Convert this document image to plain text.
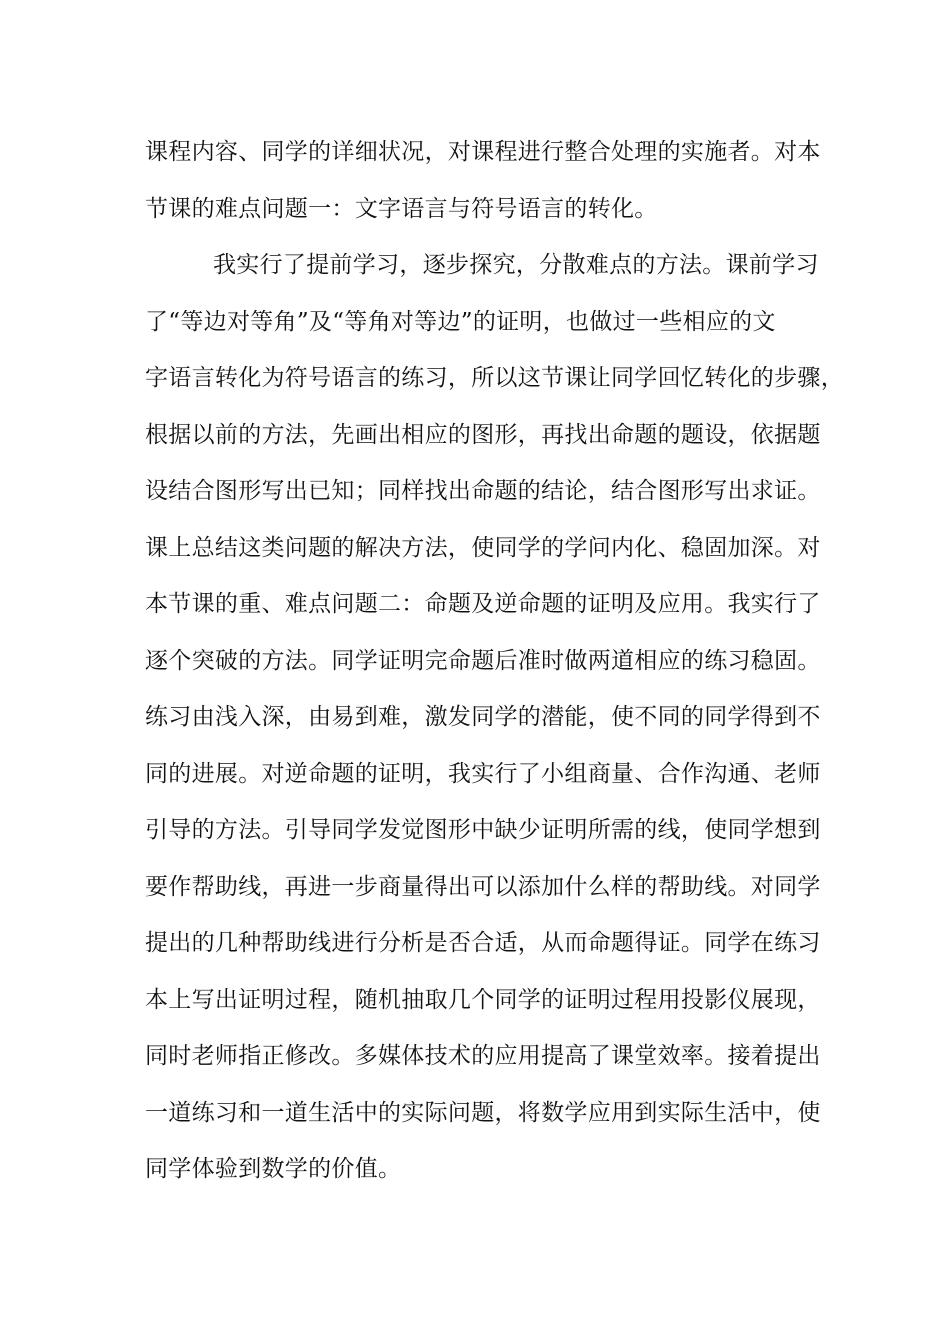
课程内容、同学的详细状况，对课程进行整合处理的实施者。对本
节课的难点问题一：文字语言与符号语言的转化。
我实行了提前学习，逐步探究，分散难点的方法。课前学习
了“等边对等角”及“等角对等边”的证明，也做过一些相应的文
字语言转化为符号语言的练习，所以这节课让同学回忆转化的步骤，
根据以前的方法，先画出相应的图形，再找出命题的题设，依据题
设结合图形写出已知；同样找出命题的结论，结合图形写出求证。
课上总结这类问题的解决方法，使同学的学问内化、稳固加深。对
本节课的重、难点问题二：命题及逆命题的证明及应用。我实行了
逐个突破的方法。同学证明完命题后准时做两道相应的练习稳固。
练习由浅入深，由易到难，激发同学的潜能，使不同的同学得到不
同的进展。对逆命题的证明，我实行了小组商量、合作沟通、老师
引导的方法。引导同学发觉图形中缺少证明所需的线，使同学想到
要作帮助线，再进一步商量得出可以添加什么样的帮助线。对同学
提出的几种帮助线进行分析是否合适，从而命题得证。同学在练习
本上写出证明过程，随机抽取几个同学的证明过程用投影仪展现，
同时老师指正修改。多媒体技术的应用提高了课堂效率。接着提出
一道练习和一道生活中的实际问题，将数学应用到实际生活中，使
同学体验到数学的价值。
